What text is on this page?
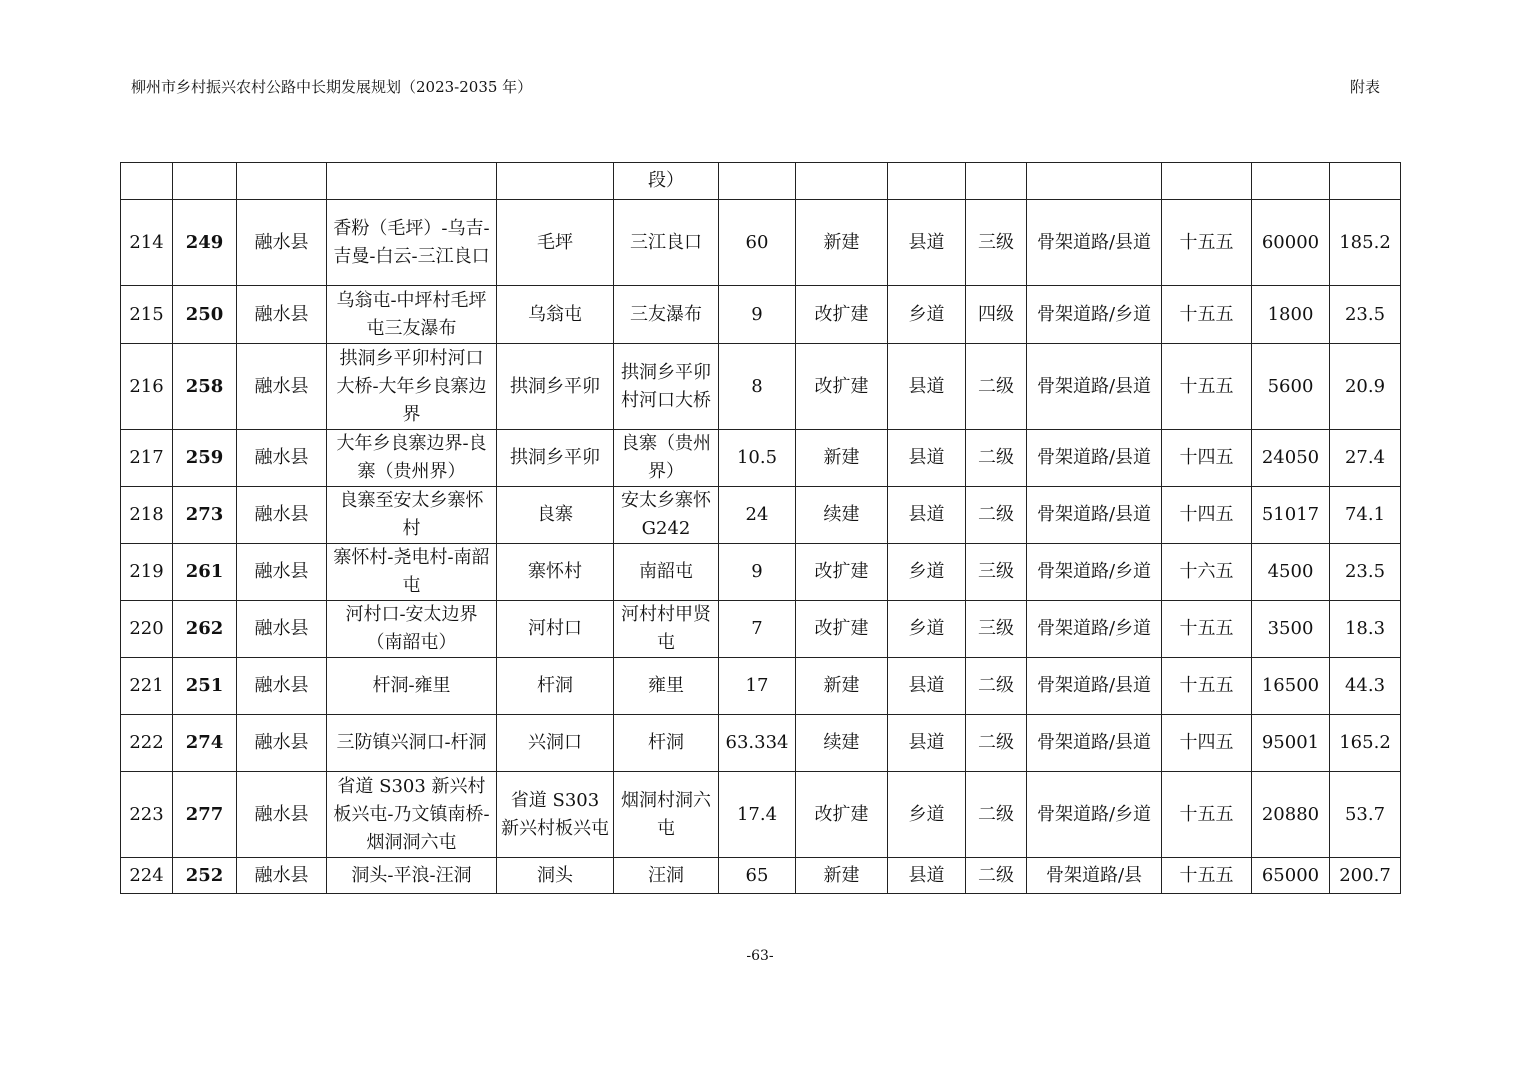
柳州市乡村振兴农村公路中长期发展规划（2023-2035 年）	附表
					段）								
214	249	融水县	香粉（毛坪）-乌吉-吉曼-白云-三江良口	毛坪	三江良口	60	新建	县道	三级	骨架道路/县道	十五五	60000	185.2
215	250	融水县	乌翁屯-中坪村毛坪屯三友瀑布	乌翁屯	三友瀑布	9	改扩建	乡道	四级	骨架道路/乡道	十五五	1800	23.5
216	258	融水县	拱洞乡平卯村河口大桥-大年乡良寨边界	拱洞乡平卯	拱洞乡平卯村河口大桥	8	改扩建	县道	二级	骨架道路/县道	十五五	5600	20.9
217	259	融水县	大年乡良寨边界-良寨（贵州界）	拱洞乡平卯	良寨（贵州界）	10.5	新建	县道	二级	骨架道路/县道	十四五	24050	27.4
218	273	融水县	良寨至安太乡寨怀村	良寨	安太乡寨怀 G242	24	续建	县道	二级	骨架道路/县道	十四五	51017	74.1
219	261	融水县	寨怀村-尧电村-南韶屯	寨怀村	南韶屯	9	改扩建	乡道	三级	骨架道路/乡道	十六五	4500	23.5
220	262	融水县	河村口-安太边界（南韶屯）	河村口	河村村甲贤屯	7	改扩建	乡道	三级	骨架道路/乡道	十五五	3500	18.3
221	251	融水县	杆洞-雍里	杆洞	雍里	17	新建	县道	二级	骨架道路/县道	十五五	16500	44.3
222	274	融水县	三防镇兴洞口-杆洞	兴洞口	杆洞	63.334	续建	县道	二级	骨架道路/县道	十四五	95001	165.2
223	277	融水县	省道 S303 新兴村板兴屯-乃文镇南桥-烟洞洞六屯	省道 S303 新兴村板兴屯	烟洞村洞六屯	17.4	改扩建	乡道	二级	骨架道路/乡道	十五五	20880	53.7
224	252	融水县	洞头-平浪-汪洞	洞头	汪洞	65	新建	县道	二级	骨架道路/县	十五五	65000	200.7
-63-
